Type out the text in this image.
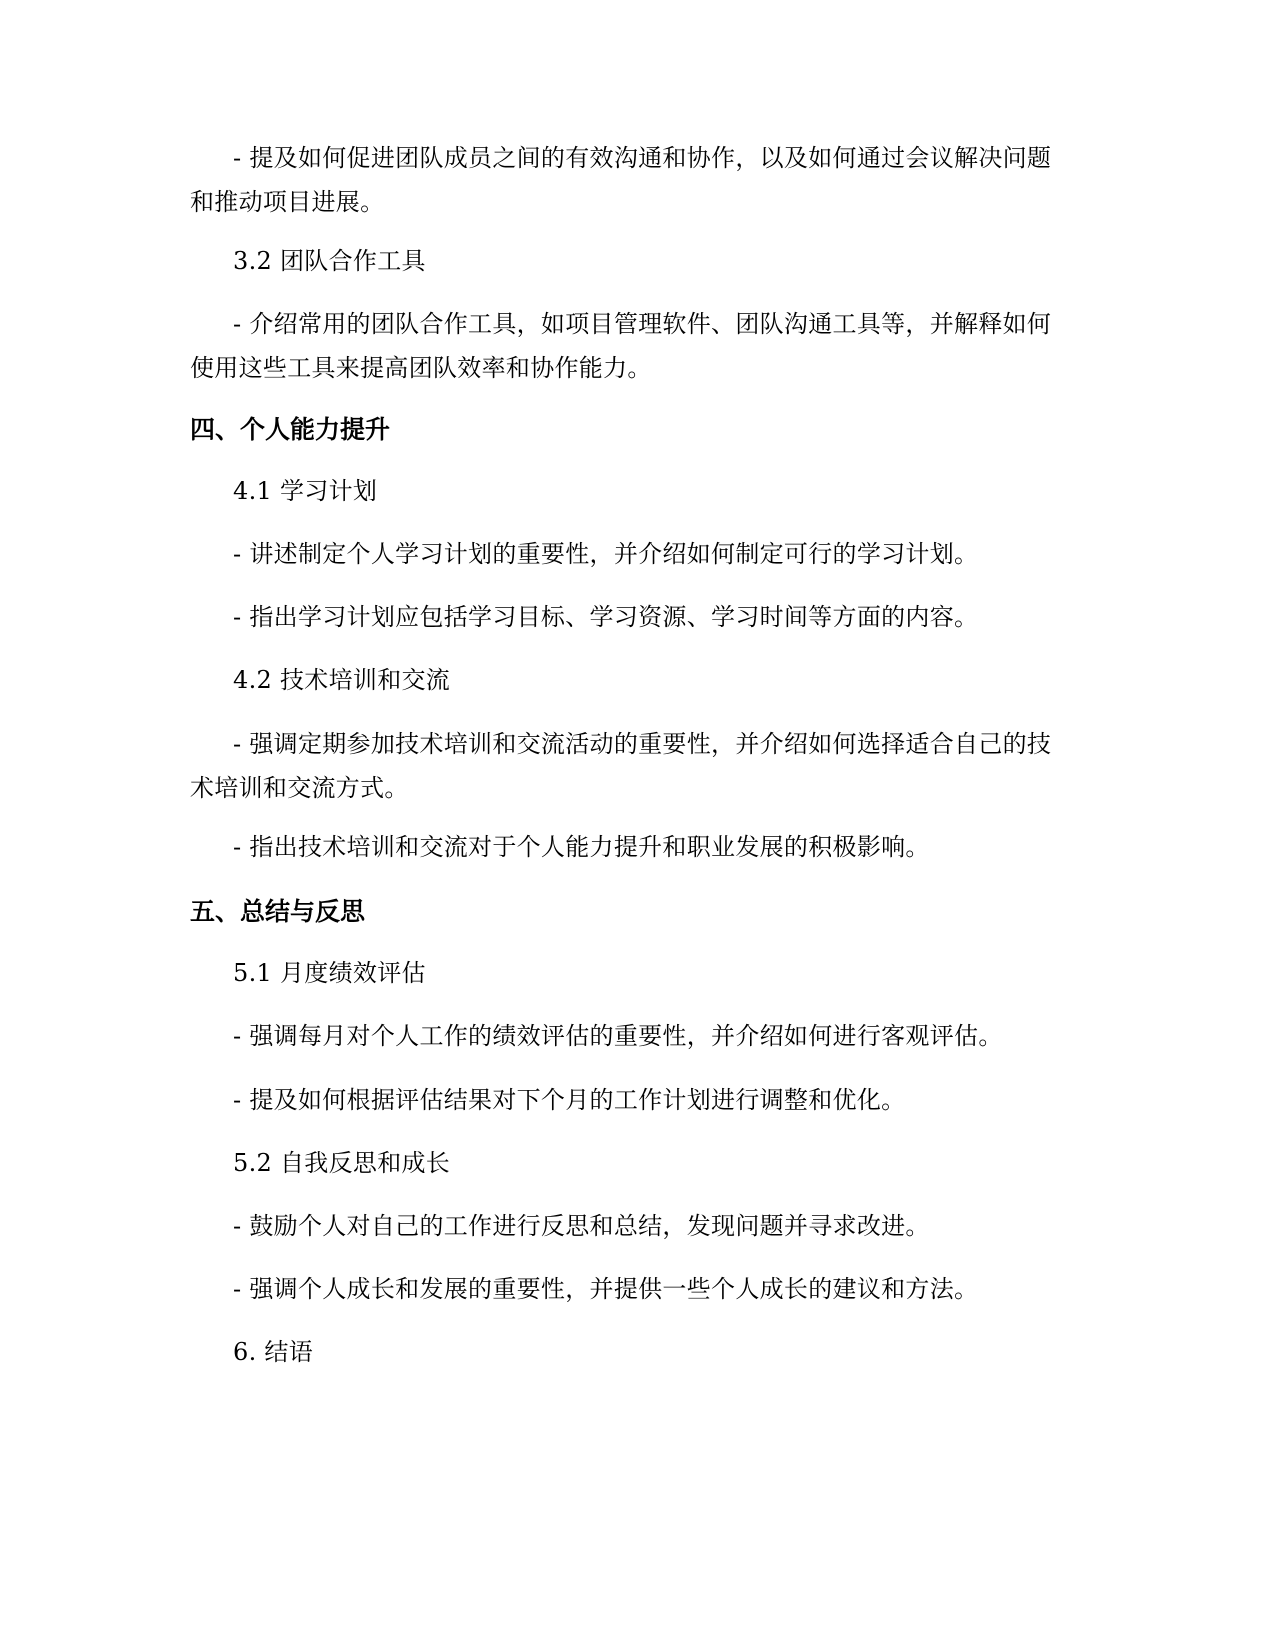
- 提及如何促进团队成员之间的有效沟通和协作，以及如何通过会议解决问题和推动项目进展。

3.2 团队合作工具

- 介绍常用的团队合作工具，如项目管理软件、团队沟通工具等，并解释如何使用这些工具来提高团队效率和协作能力。

四、个人能力提升

4.1 学习计划

- 讲述制定个人学习计划的重要性，并介绍如何制定可行的学习计划。

- 指出学习计划应包括学习目标、学习资源、学习时间等方面的内容。

4.2 技术培训和交流

- 强调定期参加技术培训和交流活动的重要性，并介绍如何选择适合自己的技术培训和交流方式。

- 指出技术培训和交流对于个人能力提升和职业发展的积极影响。

五、总结与反思

5.1 月度绩效评估

- 强调每月对个人工作的绩效评估的重要性，并介绍如何进行客观评估。

- 提及如何根据评估结果对下个月的工作计划进行调整和优化。

5.2 自我反思和成长

- 鼓励个人对自己的工作进行反思和总结，发现问题并寻求改进。

- 强调个人成长和发展的重要性，并提供一些个人成长的建议和方法。

6. 结语
